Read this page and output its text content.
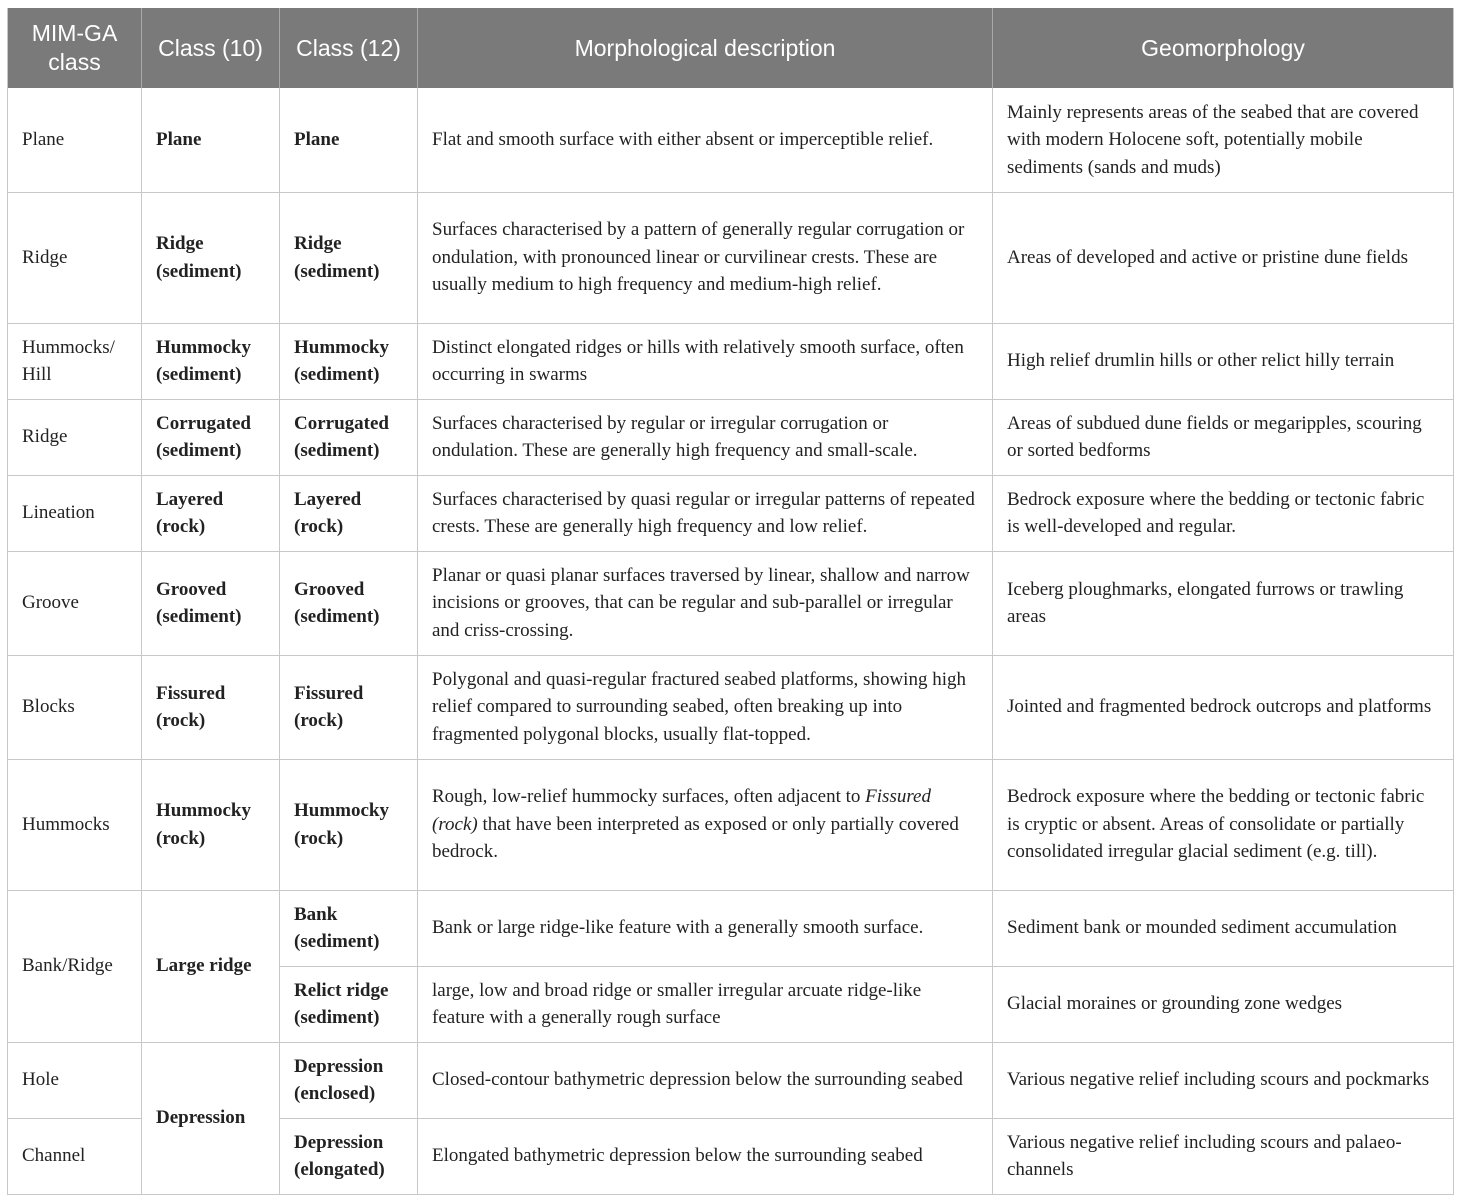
MIM-GA class	Class (10)	Class (12)	Morphological description	Geomorphology
Plane	Plane	Plane	Flat and smooth surface with either absent or imperceptible relief.	Mainly represents areas of the seabed that are covered with modern Holocene soft, potentially mobile sediments (sands and muds)
Ridge	Ridge (sediment)	Ridge (sediment)	Surfaces characterised by a pattern of generally regular corrugation or ondulation, with pronounced linear or curvilinear crests. These are usually medium to high frequency and medium-high relief.	Areas of developed and active or pristine dune fields
Hummocks/ Hill	Hummocky (sediment)	Hummocky (sediment)	Distinct elongated ridges or hills with relatively smooth surface, often occurring in swarms	High relief drumlin hills or other relict hilly terrain
Ridge	Corrugated (sediment)	Corrugated (sediment)	Surfaces characterised by regular or irregular corrugation or ondulation. These are generally high frequency and small-scale.	Areas of subdued dune fields or megaripples, scouring or sorted bedforms
Lineation	Layered (rock)	Layered (rock)	Surfaces characterised by quasi regular or irregular patterns of repeated crests. These are generally high frequency and low relief.	Bedrock exposure where the bedding or tectonic fabric is well-developed and regular.
Groove	Grooved (sediment)	Grooved (sediment)	Planar or quasi planar surfaces traversed by linear, shallow and narrow incisions or grooves, that can be regular and sub-parallel or irregular and criss-crossing.	Iceberg ploughmarks, elongated furrows or trawling areas
Blocks	Fissured (rock)	Fissured (rock)	Polygonal and quasi-regular fractured seabed platforms, showing high relief compared to surrounding seabed, often breaking up into fragmented polygonal blocks, usually flat-topped.	Jointed and fragmented bedrock outcrops and platforms
Hummocks	Hummocky (rock)	Hummocky (rock)	Rough, low-relief hummocky surfaces, often adjacent to Fissured (rock) that have been interpreted as exposed or only partially covered bedrock.	Bedrock exposure where the bedding or tectonic fabric is cryptic or absent. Areas of consolidate or partially consolidated irregular glacial sediment (e.g. till).
Bank/Ridge	Large ridge	Bank (sediment)	Bank or large ridge-like feature with a generally smooth surface.	Sediment bank or mounded sediment accumulation
		Relict ridge (sediment)	large, low and broad ridge or smaller irregular arcuate ridge-like feature with a generally rough surface	Glacial moraines or grounding zone wedges
Hole	Depression	Depression (enclosed)	Closed-contour bathymetric depression below the surrounding seabed	Various negative relief including scours and pockmarks
Channel		Depression (elongated)	Elongated bathymetric depression below the surrounding seabed	Various negative relief including scours and palaeo-channels
